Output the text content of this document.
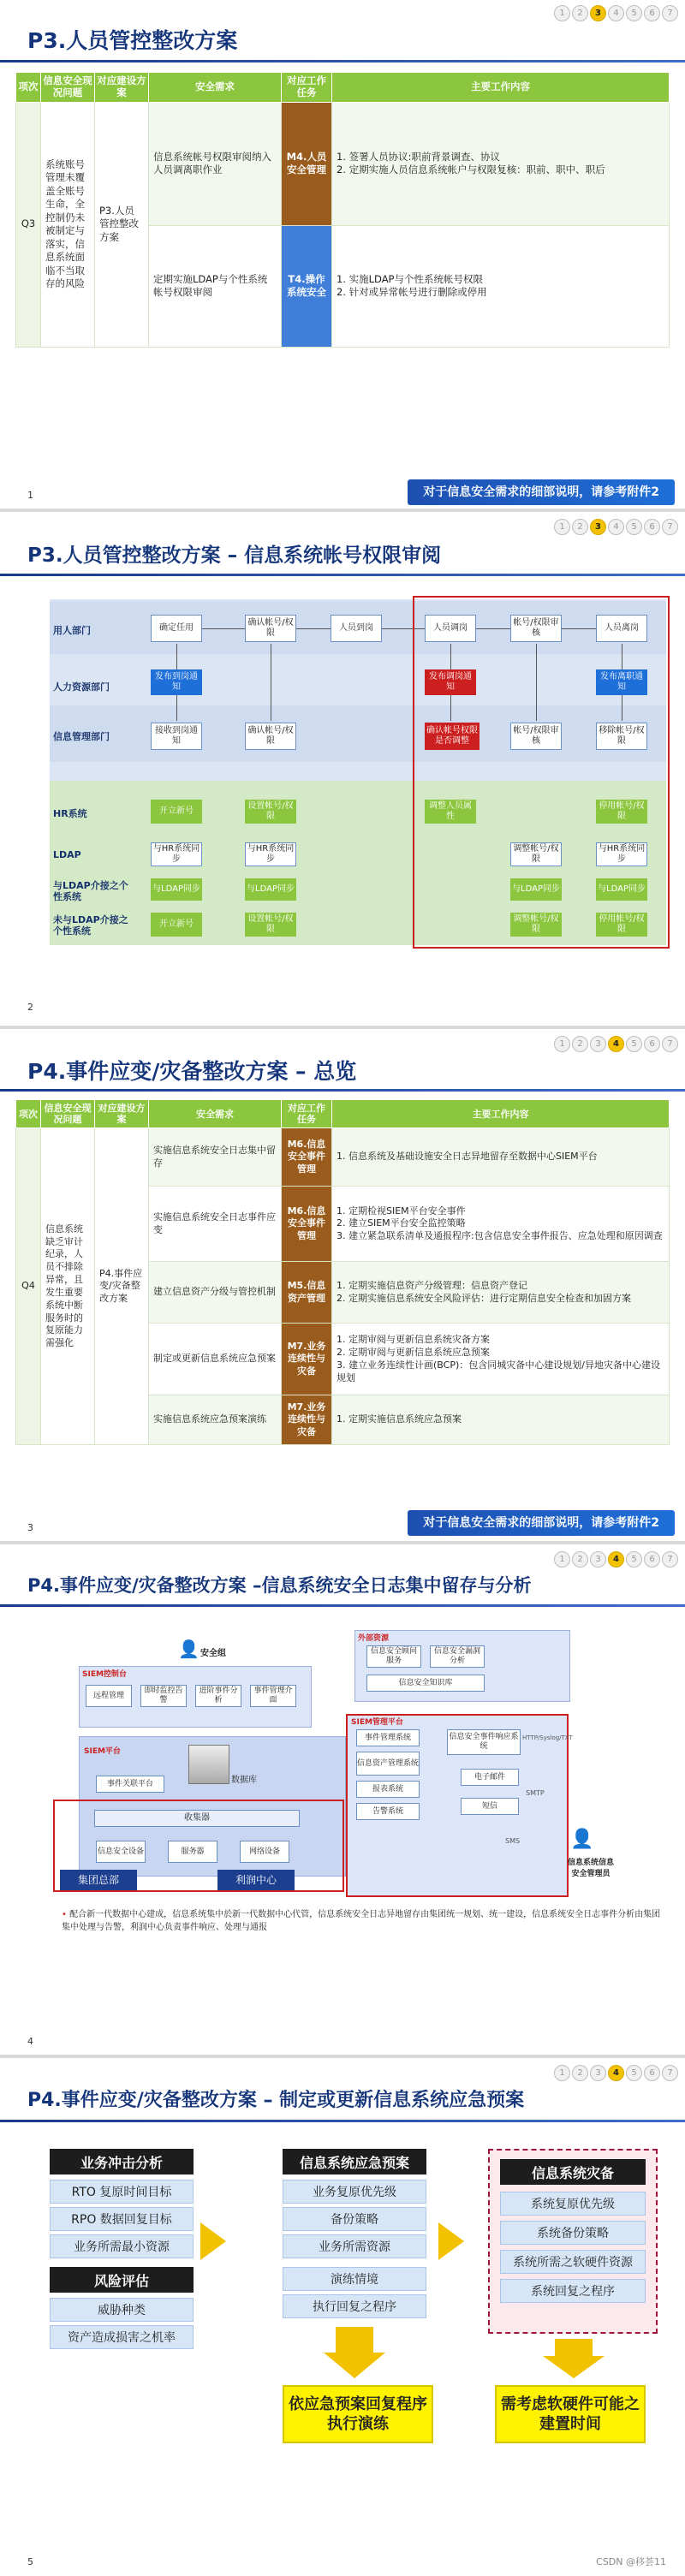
1	2	3	4	5	6	7
P3.人员管控整改方案
项次	信息安全现况问题	对应建设方案	安全需求	对应工作任务	主要工作内容
Q3	系统账号管理未覆盖全账号生命，全控制仍未被制定与落实，信息系统面临不当取存的风险	P3.人员管控整改方案	信息系统帐号权限审阅纳入人员调离职作业	M4.人员安全管理	1. 签署人员协议:职前背景调查、协议
2. 定期实施人员信息系统帐户与权限复核：职前、职中、职后
			定期实施LDAP与个性系统帐号权限审阅	T4.操作系统安全	1. 实施LDAP与个性系统帐号权限
2. 针对或异常帐号进行删除或停用
1	对于信息安全需求的细部说明，请参考附件2
1	2	3	4	5	6	7
P3.人员管控整改方案 – 信息系统帐号权限审阅
用人部门
人力资源部门
信息管理部门
HR系统
LDAP
与LDAP介接之个性系统
未与LDAP介接之个性系统
确定任用
确认帐号/权限
人员到岗	人员调岗
帐号/权限审核
人员离岗
发布到岗通知
发布调岗通知
发布离职通知
接收到岗通知
确认帐号/权限
确认帐号权限是否调整
帐号/权限审核
移除帐号/权限
开立新号
设置帐号/权限
调整人员属性
停用帐号/权限
与HR系统同步
与HR系统同步
调整帐号/权限
与HR系统同步
与LDAP同步	与LDAP同步	与LDAP同步	与LDAP同步
开立新号
设置帐号/权限
调整帐号/权限
停用帐号/权限
2
1	2	3	4	5	6	7
P4.事件应变/灾备整改方案 – 总览
项次	信息安全现况问题	对应建设方案	安全需求	对应工作任务	主要工作内容
Q4	信息系统缺乏审计纪录，人员不排除异常，且发生重要系统中断服务时的复原能力需强化	P4.事件应变/灾备整改方案	实施信息系统安全日志集中留存	M6.信息安全事件管理	1. 信息系统及基础设施安全日志异地留存至数据中心SIEM平台
			实施信息系统安全日志事件应变	M6.信息安全事件管理	1. 定期检视SIEM平台安全事件
2. 建立SIEM平台安全监控策略
3. 建立紧急联系清单及通报程序:包含信息安全事件报告、应急处理和原因调查
			建立信息资产分级与管控机制	M5.信息资产管理	1. 定期实施信息资产分级管理：信息资产登记
2. 定期实施信息系统安全风险评估：进行定期信息安全检查和加固方案
			制定或更新信息系统应急预案	M7.业务连续性与灾备	1. 定期审阅与更新信息系统灾备方案
2. 定期审阅与更新信息系统应急预案
3. 建立业务连续性计画(BCP)：包含同城灾备中心建设规划/异地灾备中心建设规划
			实施信息系统应急预案演练	M7.业务连续性与灾备	1. 定期实施信息系统应急预案
3	对于信息安全需求的细部说明，请参考附件2
1	2	3	4	5	6	7
P4.事件应变/灾备整改方案 –信息系统安全日志集中留存与分析
SIEM控制台
远程管理
即时监控告警
进阶事件分析
事件管理介面
👤 安全组
SIEM平台
数据库
事件关联平台
收集器
信息安全设备	服务器	网络设备
集团总部	利润中心
外部资源
信息安全顾问服务
信息安全漏洞分析
信息安全知识库
SIEM管理平台
事件管理系统
信息资产管理系统
报表系统
告警系统
信息安全事件响应系统
电子邮件
短信
SMTP
SMS
HTTP/Syslog/TXT
👤
信息系统信息安全管理员
• 配合新一代数据中心建成，信息系统集中於新一代数据中心代管，信息系统安全日志异地留存由集团统一规划、统一建设，信息系统安全日志事件分析由集团集中处理与告警，利润中心负责事件响应、处理与通报
4
1	2	3	4	5	6	7
P4.事件应变/灾备整改方案 – 制定或更新信息系统应急预案
业务冲击分析
RTO 复原时间目标
RPO 数据回复目标
业务所需最小资源
风险评估
威胁种类
资产造成损害之机率
信息系统应急预案
业务复原优先级
备份策略
业务所需资源
演练情境
执行回复之程序
信息系统灾备
系统复原优先级
系统备份策略
系统所需之软硬件资源
系统回复之程序
依应急预案回复程序执行演练
需考虑软硬件可能之建置时间
5	CSDN @移荟11
